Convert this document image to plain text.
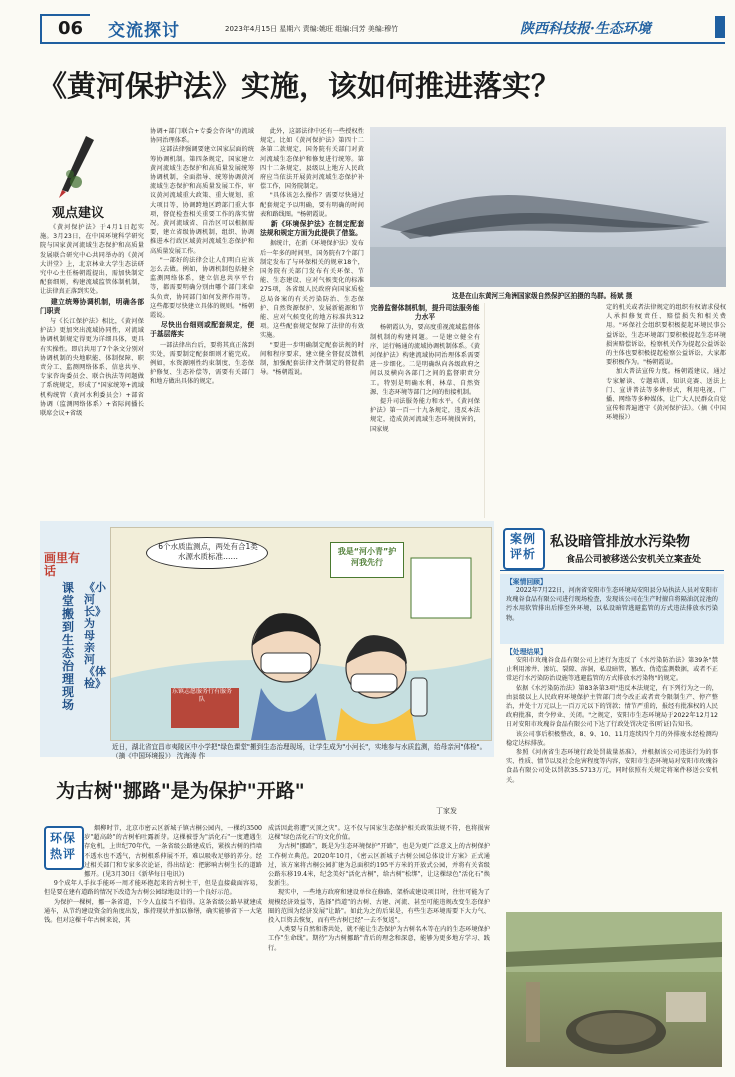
06 交流探讨	2023年4月15日 星期六 责编:姚旺 组编:闫芳 美编:穆竹	陕西科技报·生态环境
《黄河保护法》实施，该如何推进落实？
观点建议

《黄河保护法》于4月1日起实施。3月23日，在中国环境科学研究院与国家黄河流域生态保护和高质量发展联合研究中心共同举办的《黄河大讲堂》上，北京林业大学生态法研究中心主任杨朝霞提出，需加快制定配套细则，构建流域监管体制机制，让法律真正落到实处。

建立统筹协调机制，明确各部门职责

与《长江保护法》相比，《黄河保护法》更加突出流域协同性，对流域协调机制规定得更为详细具体，更具有实操性。即启共用了7个条文分别对协调机制的央地职能、体制保障、职责分工、监测网络体系、信息共享、专家咨询委员会、联合执法等问题做了系统规定，形成了"国家统筹+流域机构统管（黄河水利委员会）+部省协调（监测网络体系）+省际间播长联席会议+省级

协调+部门联合+专委会咨询"的流域协同治理体系。

这部法律强调要建立国家层面的统筹协调机制。第四条规定，国家建立黄河流域生态保护和高质量发展统筹协调机制，全面指导、统筹协调黄河流域生态保护和高质量发展工作，审议黄河流域重大政策、重大规划、重大项目等，协调跨地区跨部门重大事项，督促检查相关重要工作的落实情况。黄河流域省、自治区可以根据需要，建立省级协调机制，组织、协调推进本行政区域黄河流域生态保护和高质量发展工作。

"一部好的法律会让人们明白应该怎么去做。例如，协调机制包括健全监测网络体系，建立信息共享平台等，都需要明确分别由哪个部门来牵头负责，协同部门如何发挥作用等。这些都要尽快建立具体的规则。"杨朝霞说。

尽快出台细则或配套规定，便于基层落实

一部法律出台后，要将其真正落到实处，需要制定配套细则才能完成。例如，水资源刚性约束制度、生态保护修复、生态补偿等，需要有关部门和地方做出具体的规定。

此外，这部法律中还有一些授权性规定。比如《黄河保护法》第四十二条第二款规定，国务院有关部门对黄河流域生态保护和修复进行统筹。第四十二条规定，县级以上地方人民政府应当依法开展黄河流域生态保护补偿工作，国务院制定。

"具体该怎么操作？需要尽快通过配套规定予以明确，要有明确的时间表和路线图。"杨朝霞说。

新《环境保护法》在制定配套法规和规定方面为此提供了借鉴。

据统计，在新《环境保护法》发布后一年多的时间里，国务院有7个部门制定发布了与环保相关的规章18个，国务院有关部门发布有关环保、节能、生态建设、应对气候变化的标准275项，各省级人民政府向国家质检总局备案的有关污染防治、生态保护、自然资源保护、发展新能源和节能、应对气候变化的地方标准共312项。这些配套规定保障了法律的有效实施。

"要进一步明确制定配套法规的时间和程序要求，建立健全督促反馈机制，加强配套法律文件制定的督促指导。"杨朝霞说。

这是在山东黄河三角洲国家级自然保护区拍摄的鸟群。杨斌 摄
完善监督体制机制，提升司法服务能力水平

杨朝霞认为，要高度重视流域监督体制机制的构建问题。一是建立健全有序、运行畅通的流域协调机制体系。《黄河保护法》构建流域协同治理体系需要进一步细化。二是明确纵向各级政府之间以及横向各部门之间的监督职责分工。特别是明确水利、林草、自然资源、生态环境等部门之间的衔接机制。

提升司法服务能力和水平。《黄河保护法》第一百一十九条规定，违反本法规定，造成黄河流域生态环境损害的，国家规

定的机关或者法律规定的组织有权请求侵权人承担修复责任、赔偿损失和相关费用。"环保社会组织要积极提起环境民事公益诉讼，生态环境部门要积极提起生态环境损害赔偿诉讼，检察机关作为提起公益诉讼的主体也要积极提起检察公益诉讼，大家都要积极作为。"杨朝霞说。

加大普法宣传力度。杨朝霞建议，通过专家解读、专题培训、知识竞赛、送法上门、宣讲普法等多种形式，利用电视、广播、网络等多种媒体，让广大人民群众自觉宣传和普遍遵守《黄河保护法》。（摘《中国环境报》）

画里有话
课堂搬到生态治理现场
《小河长》为母亲河《体检》
6个水质监测点，两处有合1类水源水质标准……
我是“河小青”护河我先行
东镇志愿服务行有服务队
近日，湖北省宜昌市夷陵区中小学把"绿色课堂"搬到生态治理现场，让学生成为"小河长"，实地参与水质监测，给母亲河"体检"。（摘《中国环境报》） 沈海涛 作
案例评析
私设暗管排放水污染物
食品公司被移送公安机关立案查处
【案情回顾】
2022年7月22日，河南省安阳市生态环境局安阳县分局执法人员对安阳市玫瑰谷食品有限公司进行现场检查，发现该公司在生产时擅自将隔油沉淀池的污水用软管排出后排至外环境，以私设暗管逃避监管的方式违法排放水污染物。
【处理结果】

安阳市玫瑰谷食品有限公司上述行为违反了《水污染防治法》第39条"禁止利用渗井、渗坑、裂隙、溶洞，私设暗管，篡改、伪造监测数据，或者不正常运行水污染防治设施等逃避监管的方式排放水污染物"的规定。

依据《水污染防治法》第83条第3项"违反本法规定，有下列行为之一的，由县级以上人民政府环境保护主管部门责令改正或者责令限制生产、停产整治，并处十万元以上一百万元以下的罚款；情节严重的，报经有批准权的人民政府批准，责令停业、关闭。"之规定，安阳市生态环境局于2022年12月12日对安阳市玫瑰谷食品有限公司下达了行政处罚决定书(听证)告知书。

该公司事后积极整改，8、9、10、11月连续四个月的外排废水经检测均稳定达标排放。

参照《河南省生态环境行政处罚裁量基准》，并根据该公司违法行为的事实、性质、情节以及社会危害程度等内容，安阳市生态环境局对安阳市玫瑰谷食品有限公司处以罚款35.5713万元，同时依照有关规定将案件移送公安机关。

为古树"挪路"是为保护"开路"
丁家发
环保热评

烟柳时节，北京市密云区新城子镇古桐公园内，一棵约3500岁"超高龄"的古树柏吐露新芽。这棵被誉为"活化石"一度遭遇生存危机，上世纪70年代，一条省级公路建成后，紧挨古树的挡墙不透水也不透气，古树根系伸展不开，难以吸收足够的养分。经过相关部门和专家多次论证，得出结论：把影响古树生长的道路挪开。(见3月30日《新华每日电讯》)

9个成年人手拉手能环一周才能环抱起来的古树主干，但是直接截面容易，但是要在建有道路的情况下改造为古树公园绿地设计的一个良好示范。

为保护一棵树，挪一条省道，下令人直接当不值得。这条省级公路早就建成通车，从节约建设资金的角度出发，维持现状并加以修缮，确实能够省下一大笔钱。但对这棵千年古树来说，其

成活因此将遭"灭顶之灾"。这不仅与国家生态保护相关政策法规不符，也将损害这棵"绿色活化石"的文化价值。

为古树"挪路"，既是为生态环境保护"开路"，也是为更广泛意义上的古树保护工作树立典范。2020年10月，《密云区新城子古树公园总体设计方案》正式通过，该方案将古桐公园扩建为总面积约195平方米的开放式公园，并将有关省级公路东移19.4米，纪念美好"活化古桐"，给古树"松绑"，让这棵绿色"活化石"焕发新生。

现实中，一些地方政府和建设单位在修路、架桥或建设项目时，往往可能为了规模经济效益等，选择"挡道"的古树、古建、河流、甚至可能违规改变生态保护圈的范围为经济发展"让路"。如此为之的后果是，有些生态环境需要下大力气、投入巨资去恢复，而有些古树已经"一去不复返"。

人类要与自然和谐共处，就不能让生态保护为古树名木等在内的生态环境保护工作"生命线"。期待"为古树挪路"背后的理念和深意，能够为更多地方学习、践行。
